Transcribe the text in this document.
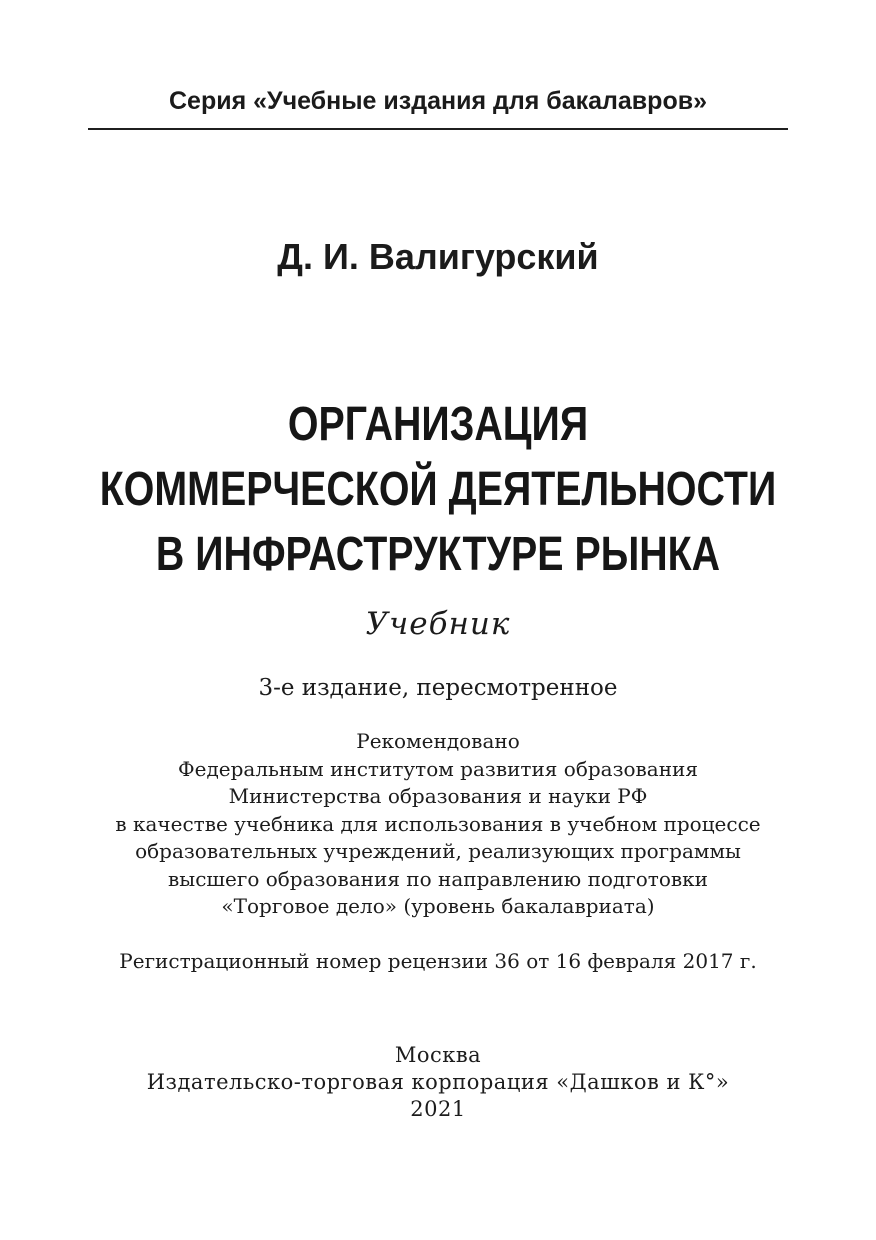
Серия «Учебные издания для бакалавров»
Д. И. Валигурский
ОРГАНИЗАЦИЯ
КОММЕРЧЕСКОЙ ДЕЯТЕЛЬНОСТИ
В ИНФРАСТРУКТУРЕ РЫНКА
Учебник
3-е издание, пересмотренное
Рекомендовано
Федеральным институтом развития образования
Министерства образования и науки РФ
в качестве учебника для использования в учебном процессе
образовательных учреждений, реализующих программы
высшего образования по направлению подготовки
«Торговое дело» (уровень бакалавриата)
Регистрационный номер рецензии 36 от 16 февраля 2017 г.
Москва
Издательско-торговая корпорация «Дашков и К°»
2021
